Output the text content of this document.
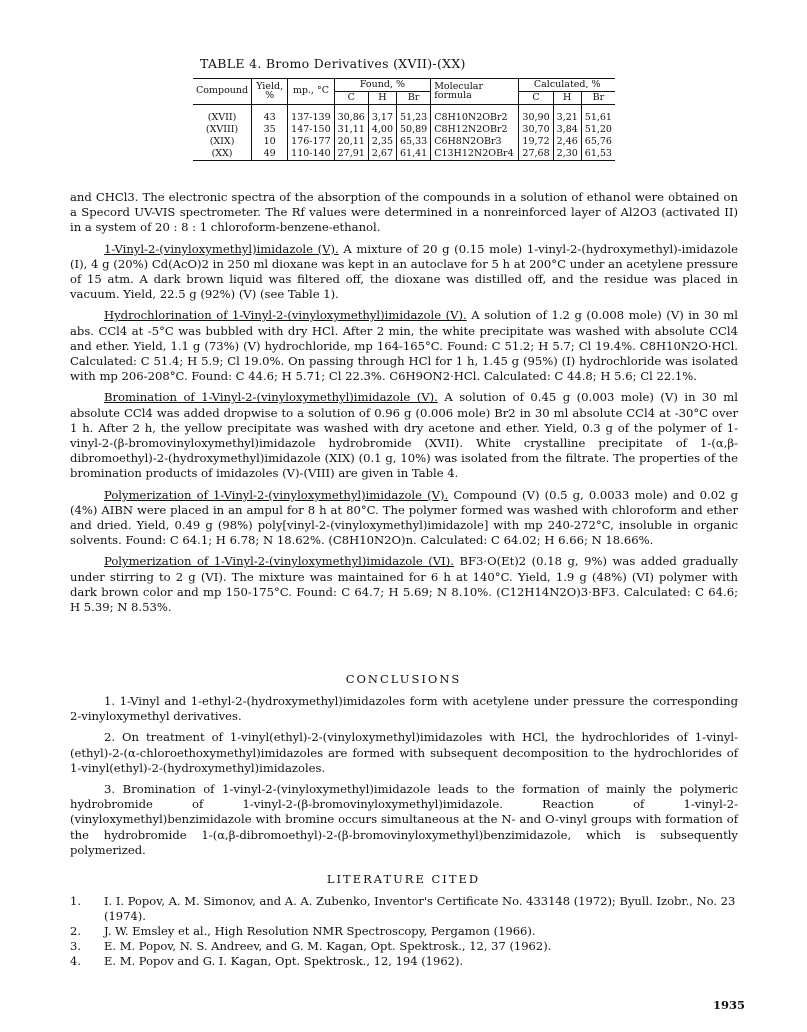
TABLE 4. Bromo Derivatives (XVII)-(XX)
Compound	Yield, %	mp., °C	Found, %			Molecular formula	Calculated, %		
			C	H	Br		C	H	Br

(XVII)	43	137-139	30,86	3,17	51,23	C8H10N2OBr2	30,90	3,21	51,61
(XVIII)	35	147-150	31,11	4,00	50,89	C8H12N2OBr2	30,70	3,84	51,20
(XIX)	10	176-177	20,11	2,35	65,33	C6H8N2OBr3	19,72	2,46	65,76
(XX)	49	110-140	27,91	2,67	61,41	C13H12N2OBr4	27,68	2,30	61,53

and CHCl3. The electronic spectra of the absorption of the compounds in a solution of ethanol were obtained on a Specord UV-VIS spectrometer. The Rf values were determined in a nonreinforced layer of Al2O3 (activated II) in a system of 20 : 8 : 1 chloroform-benzene-ethanol.

1-Vinyl-2-(vinyloxymethyl)imidazole (V). A mixture of 20 g (0.15 mole) 1-vinyl-2-(hydroxymethyl)-imidazole (I), 4 g (20%) Cd(AcO)2 in 250 ml dioxane was kept in an autoclave for 5 h at 200°C under an acetylene pressure of 15 atm. A dark brown liquid was filtered off, the dioxane was distilled off, and the residue was placed in vacuum. Yield, 22.5 g (92%) (V) (see Table 1).

Hydrochlorination of 1-Vinyl-2-(vinyloxymethyl)imidazole (V). A solution of 1.2 g (0.008 mole) (V) in 30 ml abs. CCl4 at -5°C was bubbled with dry HCl. After 2 min, the white precipitate was washed with absolute CCl4 and ether. Yield, 1.1 g (73%) (V) hydrochloride, mp 164-165°C. Found: C 51.2; H 5.7; Cl 19.4%. C8H10N2O·HCl. Calculated: C 51.4; H 5.9; Cl 19.0%. On passing through HCl for 1 h, 1.45 g (95%) (I) hydrochloride was isolated with mp 206-208°C. Found: C 44.6; H 5.71; Cl 22.3%. C6H9ON2·HCl. Calculated: C 44.8; H 5.6; Cl 22.1%.

Bromination of 1-Vinyl-2-(vinyloxymethyl)imidazole (V). A solution of 0.45 g (0.003 mole) (V) in 30 ml absolute CCl4 was added dropwise to a solution of 0.96 g (0.006 mole) Br2 in 30 ml absolute CCl4 at -30°C over 1 h. After 2 h, the yellow precipitate was washed with dry acetone and ether. Yield, 0.3 g of the polymer of 1-vinyl-2-(β-bromovinyloxymethyl)imidazole hydrobromide (XVII). White crystalline precipitate of 1-(α,β-dibromoethyl)-2-(hydroxymethyl)imidazole (XIX) (0.1 g, 10%) was isolated from the filtrate. The properties of the bromination products of imidazoles (V)-(VIII) are given in Table 4.

Polymerization of 1-Vinyl-2-(vinyloxymethyl)imidazole (V). Compound (V) (0.5 g, 0.0033 mole) and 0.02 g (4%) AIBN were placed in an ampul for 8 h at 80°C. The polymer formed was washed with chloroform and ether and dried. Yield, 0.49 g (98%) poly[vinyl-2-(vinyloxymethyl)imidazole] with mp 240-272°C, insoluble in organic solvents. Found: C 64.1; H 6.78; N 18.62%. (C8H10N2O)n. Calculated: C 64.02; H 6.66; N 18.66%.

Polymerization of 1-Vinyl-2-(vinyloxymethyl)imidazole (VI). BF3·O(Et)2 (0.18 g, 9%) was added gradually under stirring to 2 g (VI). The mixture was maintained for 6 h at 140°C. Yield, 1.9 g (48%) (VI) polymer with dark brown color and mp 150-175°C. Found: C 64.7; H 5.69; N 8.10%. (C12H14N2O)3·BF3. Calculated: C 64.6; H 5.39; N 8.53%.

CONCLUSIONS

1. 1-Vinyl and 1-ethyl-2-(hydroxymethyl)imidazoles form with acetylene under pressure the corresponding 2-vinyloxymethyl derivatives.

2. On treatment of 1-vinyl(ethyl)-2-(vinyloxymethyl)imidazoles with HCl, the hydrochlorides of 1-vinyl-(ethyl)-2-(α-chloroethoxymethyl)imidazoles are formed with subsequent decomposition to the hydrochlorides of 1-vinyl(ethyl)-2-(hydroxymethyl)imidazoles.

3. Bromination of 1-vinyl-2-(vinyloxymethyl)imidazole leads to the formation of mainly the polymeric hydrobromide of 1-vinyl-2-(β-bromovinyloxymethyl)imidazole. Reaction of 1-vinyl-2-(vinyloxymethyl)benzimidazole with bromine occurs simultaneous at the N- and O-vinyl groups with formation of the hydrobromide 1-(α,β-dibromoethyl)-2-(β-bromovinyloxymethyl)benzimidazole, which is subsequently polymerized.

LITERATURE CITED
1. I. I. Popov, A. M. Simonov, and A. A. Zubenko, Inventor's Certificate No. 433148 (1972); Byull. Izobr., No. 23 (1974).
2. J. W. Emsley et al., High Resolution NMR Spectroscopy, Pergamon (1966).
3. E. M. Popov, N. S. Andreev, and G. M. Kagan, Opt. Spektrosk., 12, 37 (1962).
4. E. M. Popov and G. I. Kagan, Opt. Spektrosk., 12, 194 (1962).
1935
